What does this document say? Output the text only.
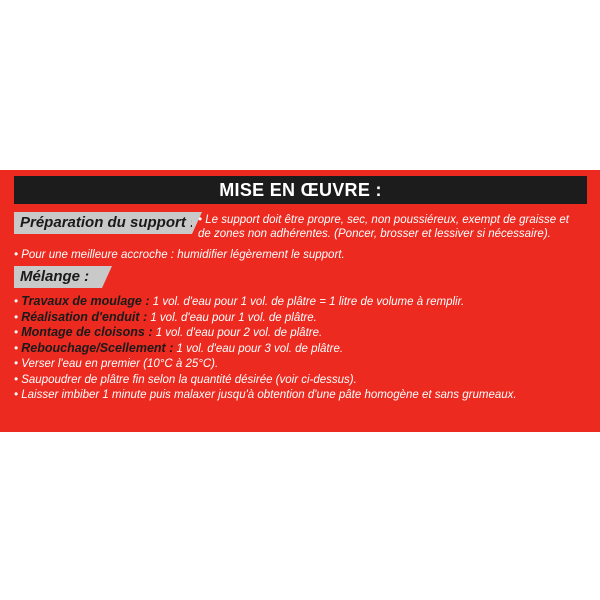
MISE EN ŒUVRE :
Préparation du support : • Le support doit être propre, sec, non poussiéreux, exempt de graisse et
de zones non adhérentes. (Poncer, brosser et lessiver si nécessaire).
• Pour une meilleure accroche : humidifier légèrement le support.
Mélange :
• Travaux de moulage : 1 vol. d'eau pour 1 vol. de plâtre = 1 litre de volume à remplir.
• Réalisation d'enduit : 1 vol. d'eau pour 1 vol. de plâtre.
• Montage de cloisons : 1 vol. d'eau pour 2 vol. de plâtre.
• Rebouchage/Scellement : 1 vol. d'eau pour 3 vol. de plâtre.
• Verser l'eau en premier (10°C à 25°C).
• Saupoudrer de plâtre fin selon la quantité désirée (voir ci-dessus).
• Laisser imbiber 1 minute puis malaxer jusqu'à obtention d'une pâte homogène et sans grumeaux.
